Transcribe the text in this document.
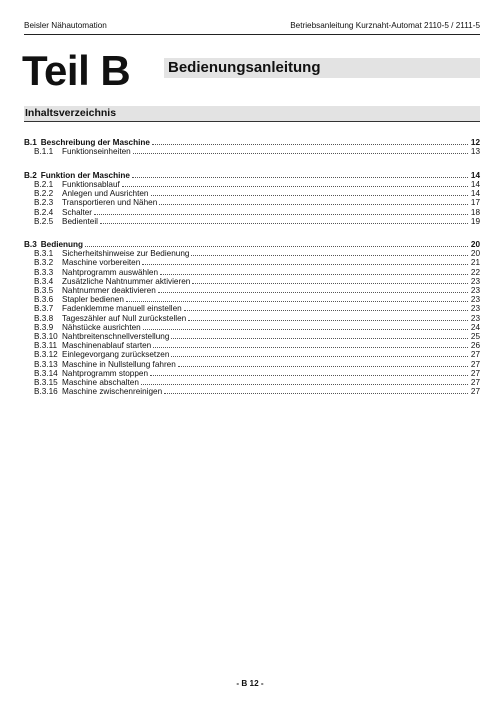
Beisler Nähautomation	Betriebsanleitung Kurznaht-Automat 2110-5 / 2111-5
Teil B	Bedienungsanleitung
Inhaltsverzeichnis
B.1 Beschreibung der Maschine	12
B.1.1	Funktionseinheiten	13
B.2 Funktion der Maschine	14
B.2.1	Funktionsablauf	14
B.2.2	Anlegen und Ausrichten	14
B.2.3	Transportieren und Nähen	17
B.2.4	Schalter	18
B.2.5	Bedienteil	19
B.3 Bedienung	20
B.3.1	Sicherheitshinweise zur Bedienung	20
B.3.2	Maschine vorbereiten	21
B.3.3	Nahtprogramm auswählen	22
B.3.4	Zusätzliche Nahtnummer aktivieren	23
B.3.5	Nahtnummer deaktivieren	23
B.3.6	Stapler bedienen	23
B.3.7	Fadenklemme manuell einstellen	23
B.3.8	Tageszähler auf Null zurückstellen	23
B.3.9	Nähstücke ausrichten	24
B.3.10 Nahtbreitenschnellverstellung	25
B.3.11 Maschinenablauf starten	26
B.3.12 Einlegevorgang zurücksetzen	27
B.3.13 Maschine in Nullstellung fahren	27
B.3.14 Nahtprogramm stoppen	27
B.3.15 Maschine abschalten	27
B.3.16 Maschine zwischenreinigen	27
- B 12 -
